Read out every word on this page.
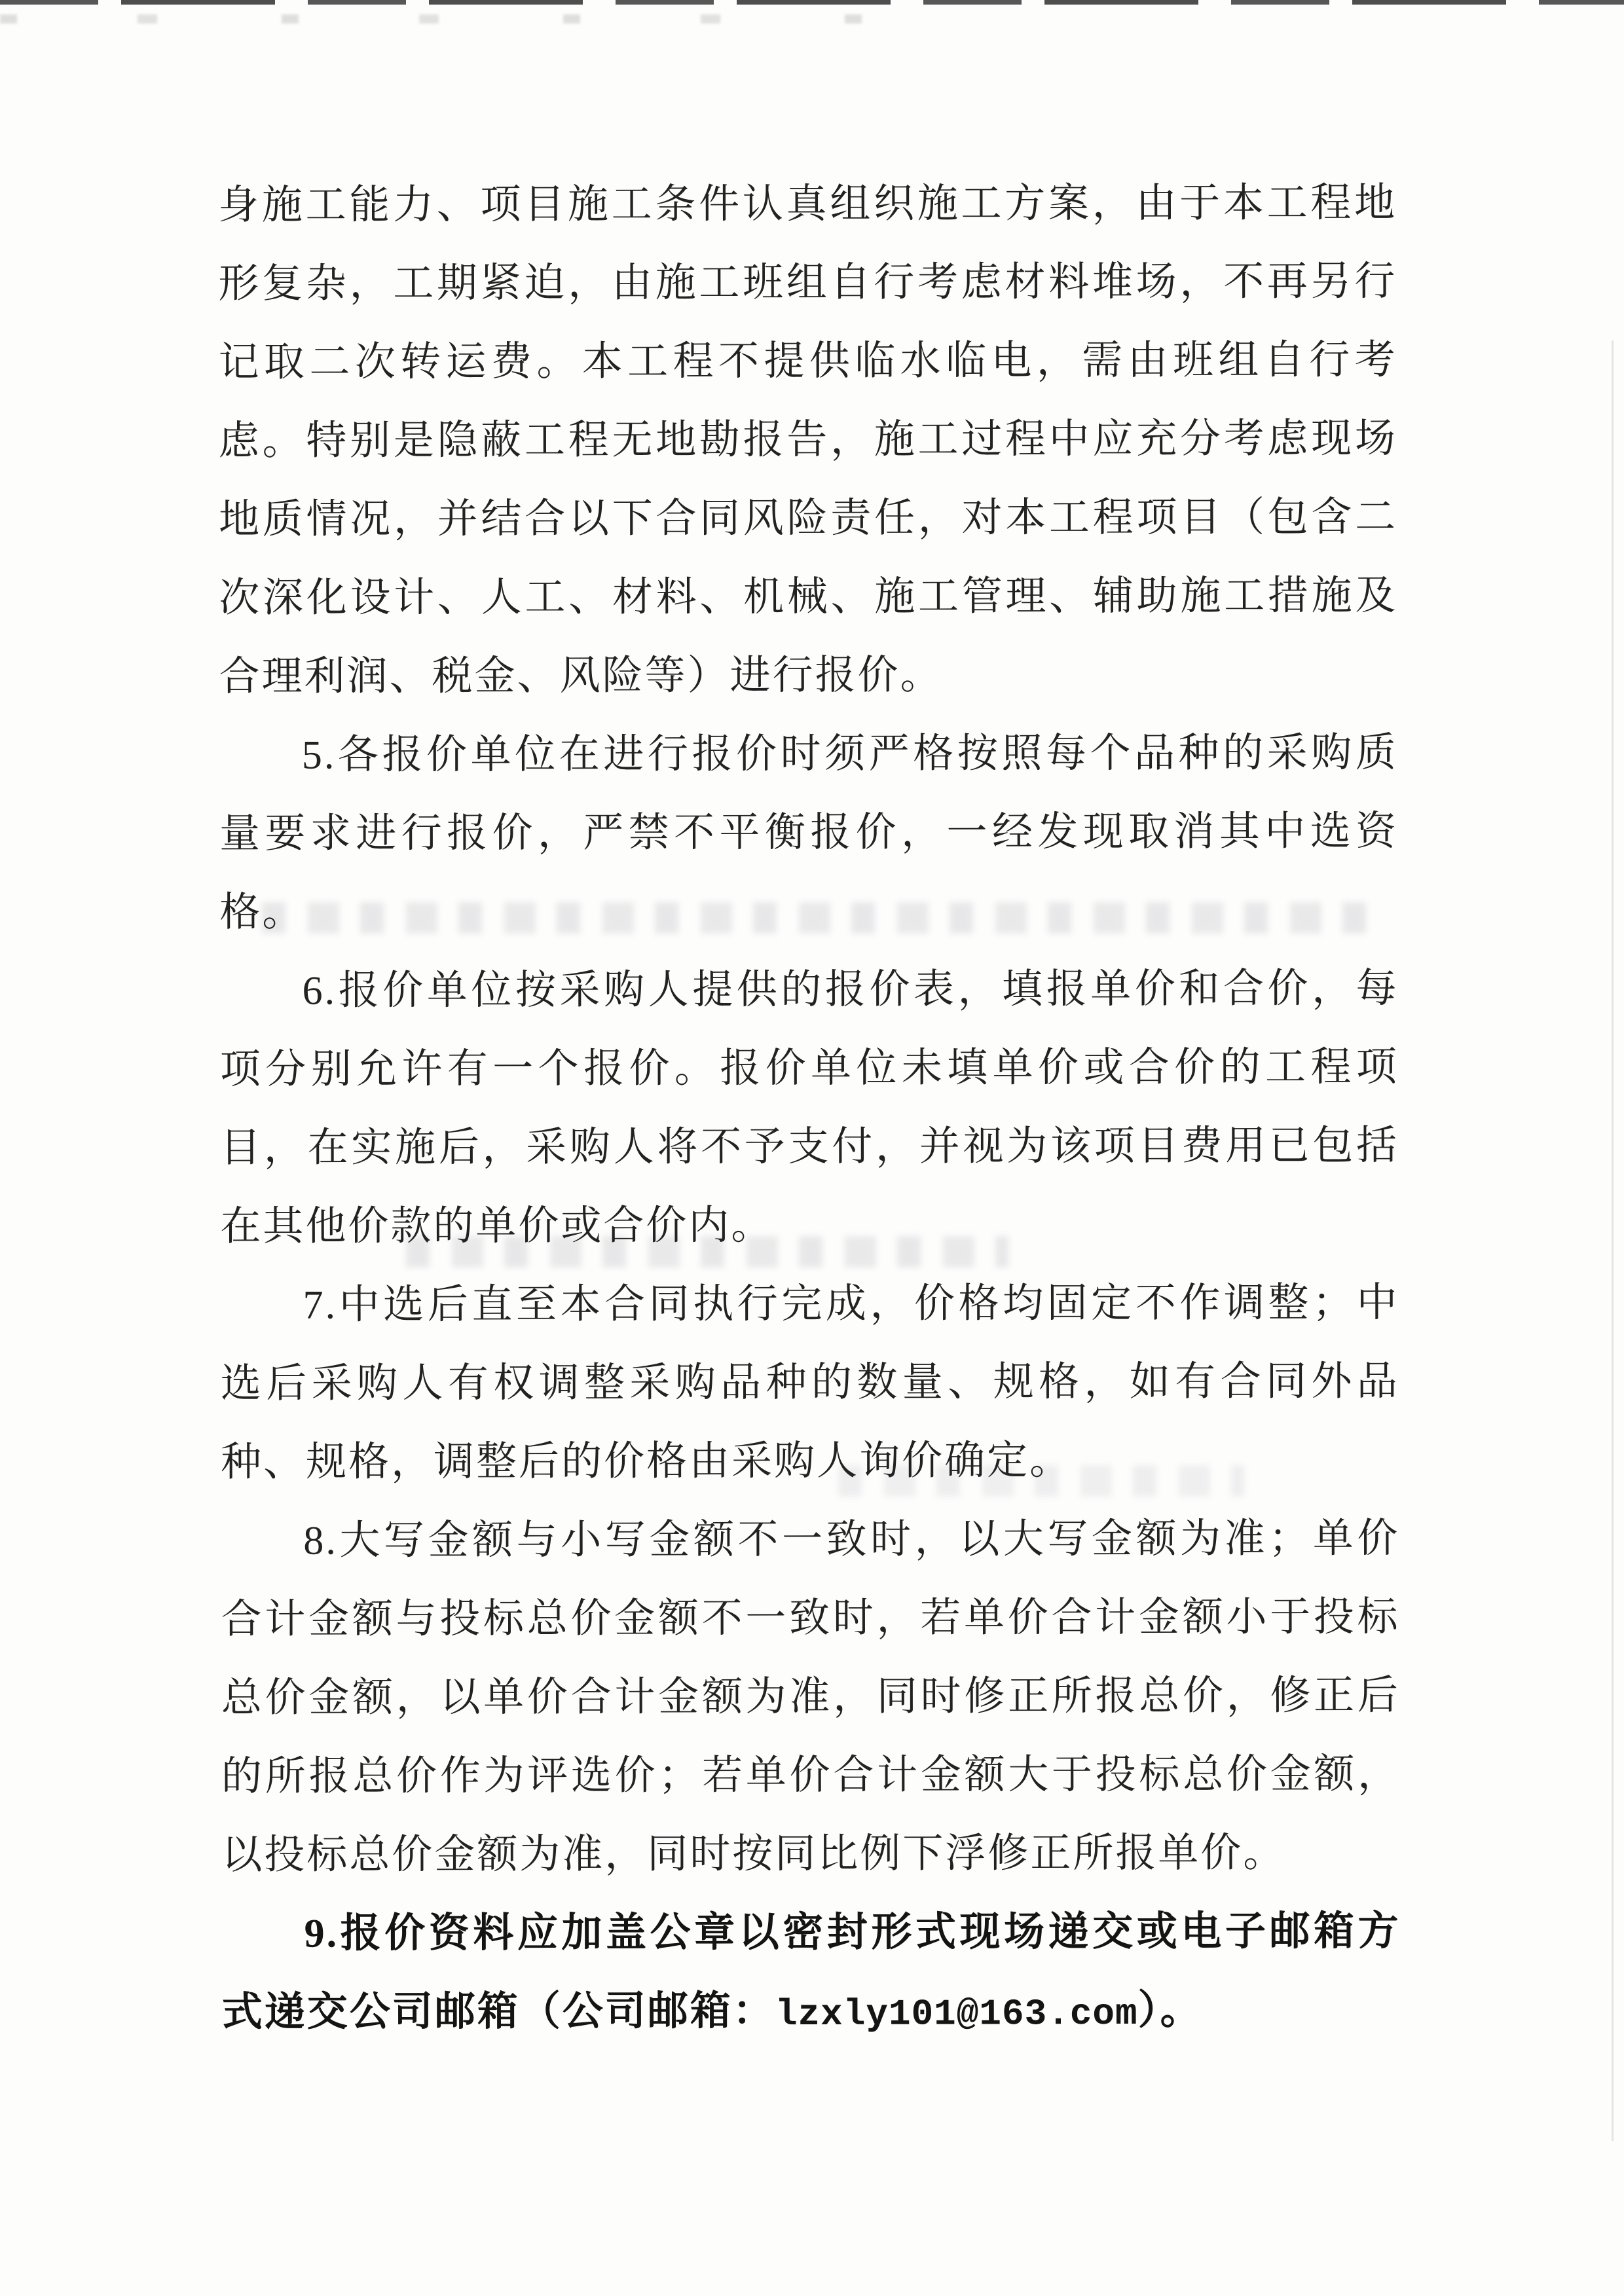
身施工能力、项目施工条件认真组织施工方案，由于本工程地形复杂，工期紧迫，由施工班组自行考虑材料堆场，不再另行记取二次转运费。本工程不提供临水临电，需由班组自行考虑。特别是隐蔽工程无地勘报告，施工过程中应充分考虑现场地质情况，并结合以下合同风险责任，对本工程项目（包含二次深化设计、人工、材料、机械、施工管理、辅助施工措施及合理利润、税金、风险等）进行报价。

5.各报价单位在进行报价时须严格按照每个品种的采购质量要求进行报价，严禁不平衡报价，一经发现取消其中选资格。

6.报价单位按采购人提供的报价表，填报单价和合价，每项分别允许有一个报价。报价单位未填单价或合价的工程项目，在实施后，采购人将不予支付，并视为该项目费用已包括在其他价款的单价或合价内。

7.中选后直至本合同执行完成，价格均固定不作调整；中选后采购人有权调整采购品种的数量、规格，如有合同外品种、规格，调整后的价格由采购人询价确定。

8.大写金额与小写金额不一致时，以大写金额为准；单价合计金额与投标总价金额不一致时，若单价合计金额小于投标总价金额，以单价合计金额为准，同时修正所报总价，修正后的所报总价作为评选价；若单价合计金额大于投标总价金额，以投标总价金额为准，同时按同比例下浮修正所报单价。

9.报价资料应加盖公章以密封形式现场递交或电子邮箱方式递交公司邮箱（公司邮箱：lzxly101@163.com）。
